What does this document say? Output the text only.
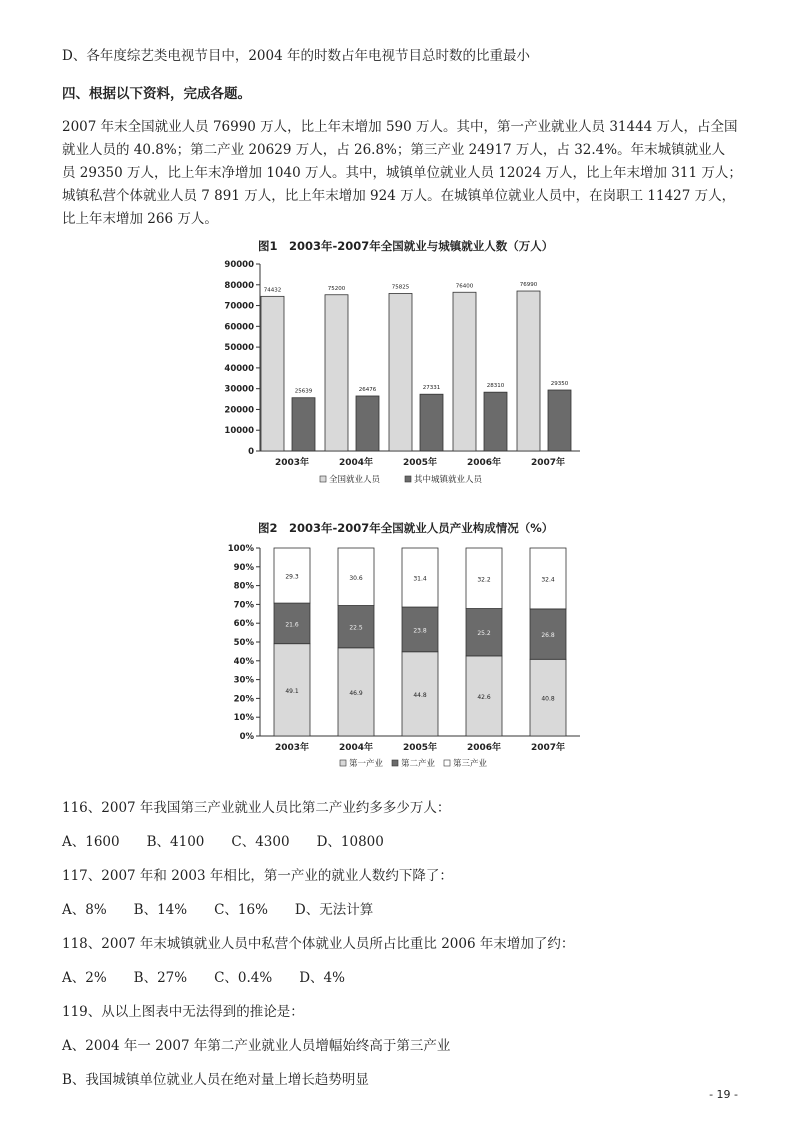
D、各年度综艺类电视节目中，2004 年的时数占年电视节目总时数的比重最小
四、根据以下资料，完成各题。
2007 年末全国就业人员 76990 万人，比上年末增加 590 万人。其中，第一产业就业人员 31444 万人，占全国
就业人员的 40.8%；第二产业 20629 万人，占 26.8%；第三产业 24917 万人，占 32.4%。年末城镇就业人
员 29350 万人，比上年末净增加 1040 万人。其中，城镇单位就业人员 12024 万人，比上年末增加 311 万人；
城镇私营个体就业人员 7 891 万人，比上年末增加 924 万人。在城镇单位就业人员中，在岗职工 11427 万人，
比上年末增加 266 万人。
图1　2003年-2007年全国就业与城镇就业人数（万人）
0
10000
20000
30000
40000
50000
60000
70000
80000
90000
74432
25639
2003年
75200
26476
2004年
75825
27331
2005年
76400
28310
2006年
76990
29350
2007年
全国就业人员	其中城镇就业人员
图2　2003年-2007年全国就业人员产业构成情况（%）
0%
10%
20%
30%
40%
50%
60%
70%
80%
90%
100%
49.1
21.6
29.3
2003年
46.9
22.5
30.6
2004年
44.8
23.8
31.4
2005年
42.6
25.2
32.2
2006年
40.8
26.8
32.4
2007年
第一产业 第二产业 第三产业
116、2007 年我国第三产业就业人员比第二产业约多多少万人：
A、1600　　B、4100　　C、4300　　D、10800
117、2007 年和 2003 年相比，第一产业的就业人数约下降了：
A、8%　　B、14%　　C、16%　　D、无法计算
118、2007 年末城镇就业人员中私营个体就业人员所占比重比 2006 年末增加了约：
A、2%　　B、27%　　C、0.4%　　D、4%
119、从以上图表中无法得到的推论是：
A、2004 年一 2007 年第二产业就业人员增幅始终高于第三产业
B、我国城镇单位就业人员在绝对量上增长趋势明显
- 19 -
